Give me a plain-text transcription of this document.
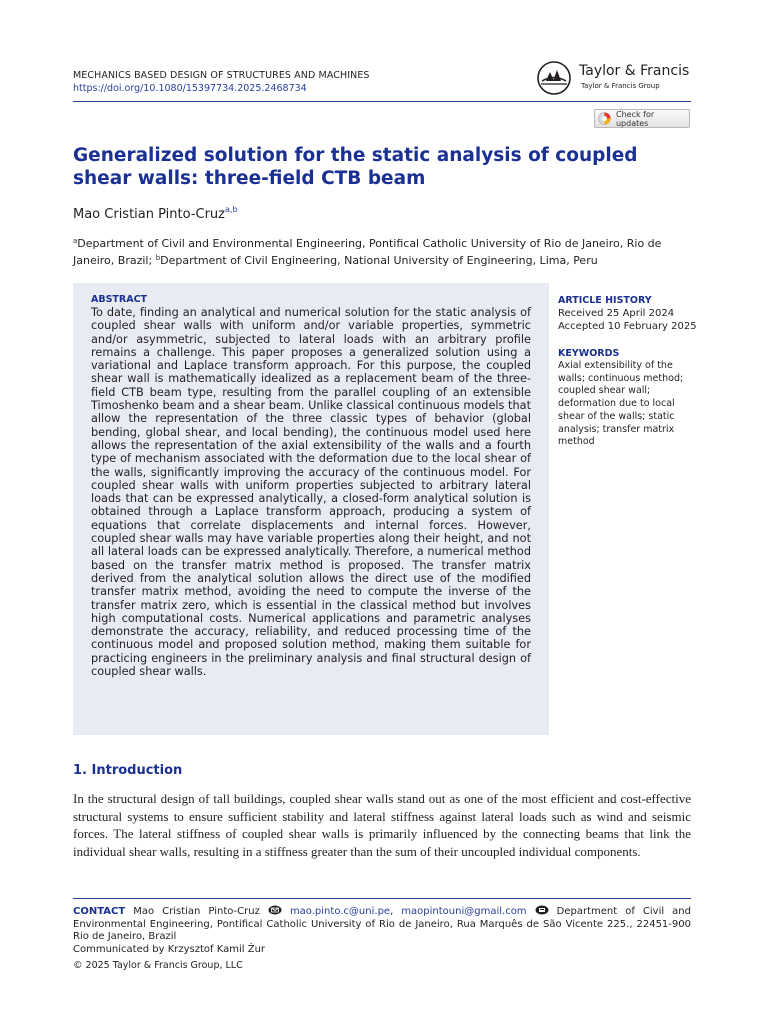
MECHANICS BASED DESIGN OF STRUCTURES AND MACHINES
https://doi.org/10.1080/15397734.2025.2468734
Taylor & Francis
Taylor & Francis Group
Check for updates
Generalized solution for the static analysis of coupled shear walls: three-field CTB beam
Mao Cristian Pinto-Cruz$^{a,b}$
$^a$Department of Civil and Environmental Engineering, Pontifical Catholic University of Rio de Janeiro, Rio de Janeiro, Brazil; $^b$Department of Civil Engineering, National University of Engineering, Lima, Peru
ABSTRACT
To date, finding an analytical and numerical solution for the static analysis of coupled shear walls with uniform and/or variable properties, symmetric and/or asymmetric, subjected to lateral loads with an arbitrary profile remains a challenge. This paper proposes a generalized solution using a variational and Laplace transform approach. For this purpose, the coupled shear wall is mathematically idealized as a replacement beam of the three-field CTB beam type, resulting from the parallel coupling of an extensible Timoshenko beam and a shear beam. Unlike classical continuous models that allow the representation of the three classic types of behavior (global bending, global shear, and local bending), the continuous model used here allows the representation of the axial extensibility of the walls and a fourth type of mechanism associated with the deformation due to the local shear of the walls, significantly improving the accuracy of the continuous model. For coupled shear walls with uniform properties subjected to arbitrary lateral loads that can be expressed analytically, a closed-form analytical solution is obtained through a Laplace transform approach, producing a system of equations that correlate displacements and internal forces. However, coupled shear walls may have variable properties along their height, and not all lateral loads can be expressed analytically. Therefore, a numerical method based on the transfer matrix method is proposed. The transfer matrix derived from the analytical solution allows the direct use of the modified transfer matrix method, avoiding the need to compute the inverse of the transfer matrix zero, which is essential in the classical method but involves high computational costs. Numerical applications and parametric analyses demonstrate the accuracy, reliability, and reduced processing time of the continuous model and proposed solution method, making them suitable for practicing engineers in the preliminary analysis and final structural design of coupled shear walls.
ARTICLE HISTORY
Received 25 April 2024
Accepted 10 February 2025
KEYWORDS
Axial extensibility of the walls; continuous method; coupled shear wall; deformation due to local shear of the walls; static analysis; transfer matrix method
1. Introduction
In the structural design of tall buildings, coupled shear walls stand out as one of the most efficient and cost-effective structural systems to ensure sufficient stability and lateral stiffness against lateral loads such as wind and seismic forces. The lateral stiffness of coupled shear walls is primarily influenced by the connecting beams that link the individual shear walls, resulting in a stiffness greater than the sum of their uncoupled individual components.
CONTACT Mao Cristian Pinto-Cruz	mao.pinto.c@uni.pe, maopintouni@gmail.com	Department of Civil and Environmental Engineering, Pontifical Catholic University of Rio de Janeiro, Rua Marquês de São Vicente 225., 22451-900 Rio de Janeiro, Brazil
Communicated by Krzysztof Kamil Żur
© 2025 Taylor & Francis Group, LLC
